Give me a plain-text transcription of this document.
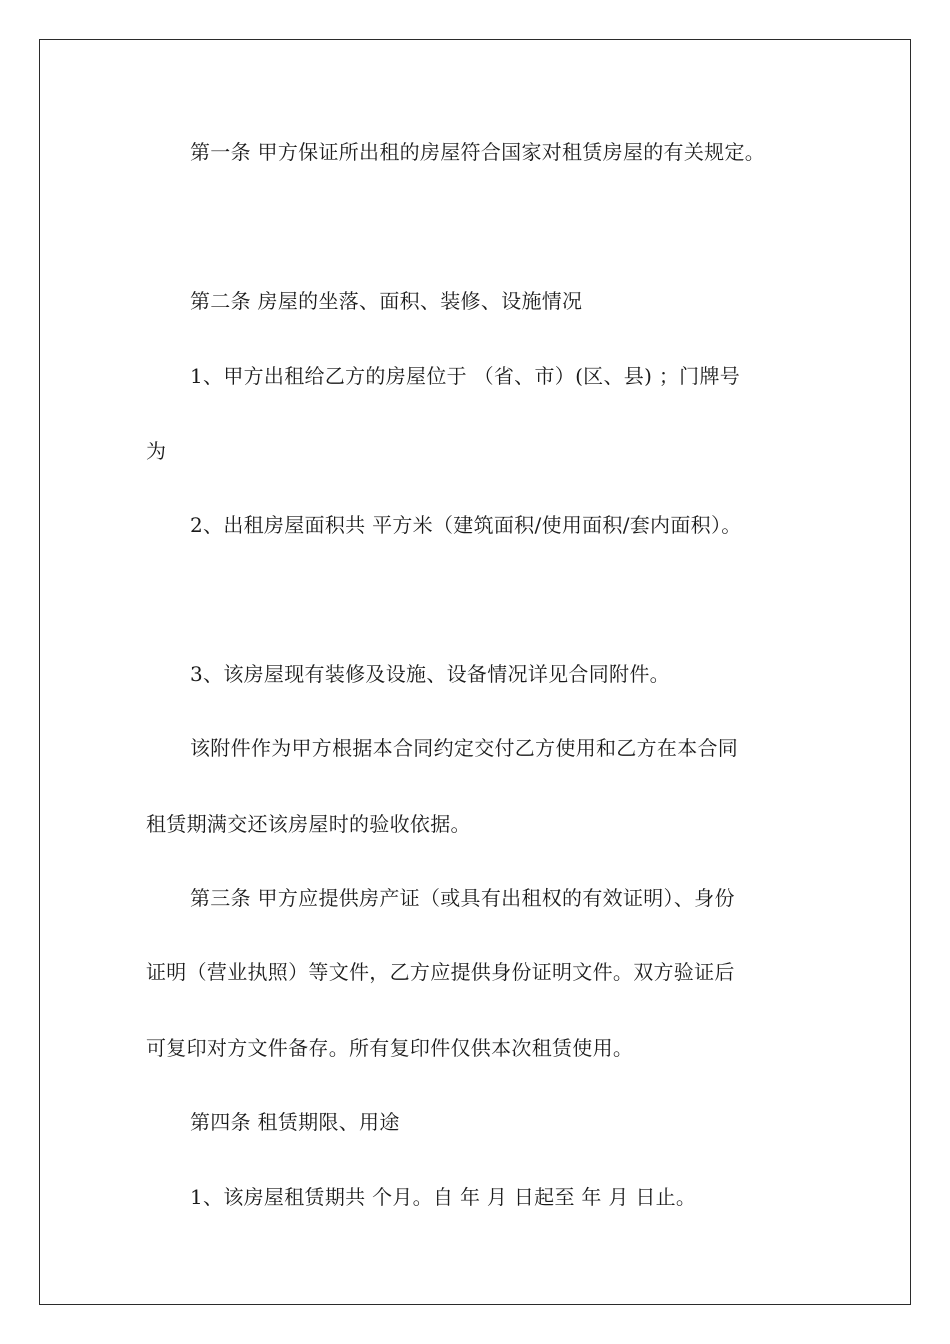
第一条 甲方保证所出租的房屋符合国家对租赁房屋的有关规定。
第二条 房屋的坐落、面积、装修、设施情况
1、甲方出租给乙方的房屋位于 （省、市）(区、县) ；门牌号
为
2、出租房屋面积共 平方米（建筑面积/使用面积/套内面积）。
3、该房屋现有装修及设施、设备情况详见合同附件。
该附件作为甲方根据本合同约定交付乙方使用和乙方在本合同
租赁期满交还该房屋时的验收依据。
第三条 甲方应提供房产证（或具有出租权的有效证明）、身份
证明（营业执照）等文件，乙方应提供身份证明文件。双方验证后
可复印对方文件备存。所有复印件仅供本次租赁使用。
第四条 租赁期限、用途
1、该房屋租赁期共 个月。自 年 月 日起至 年 月 日止。
